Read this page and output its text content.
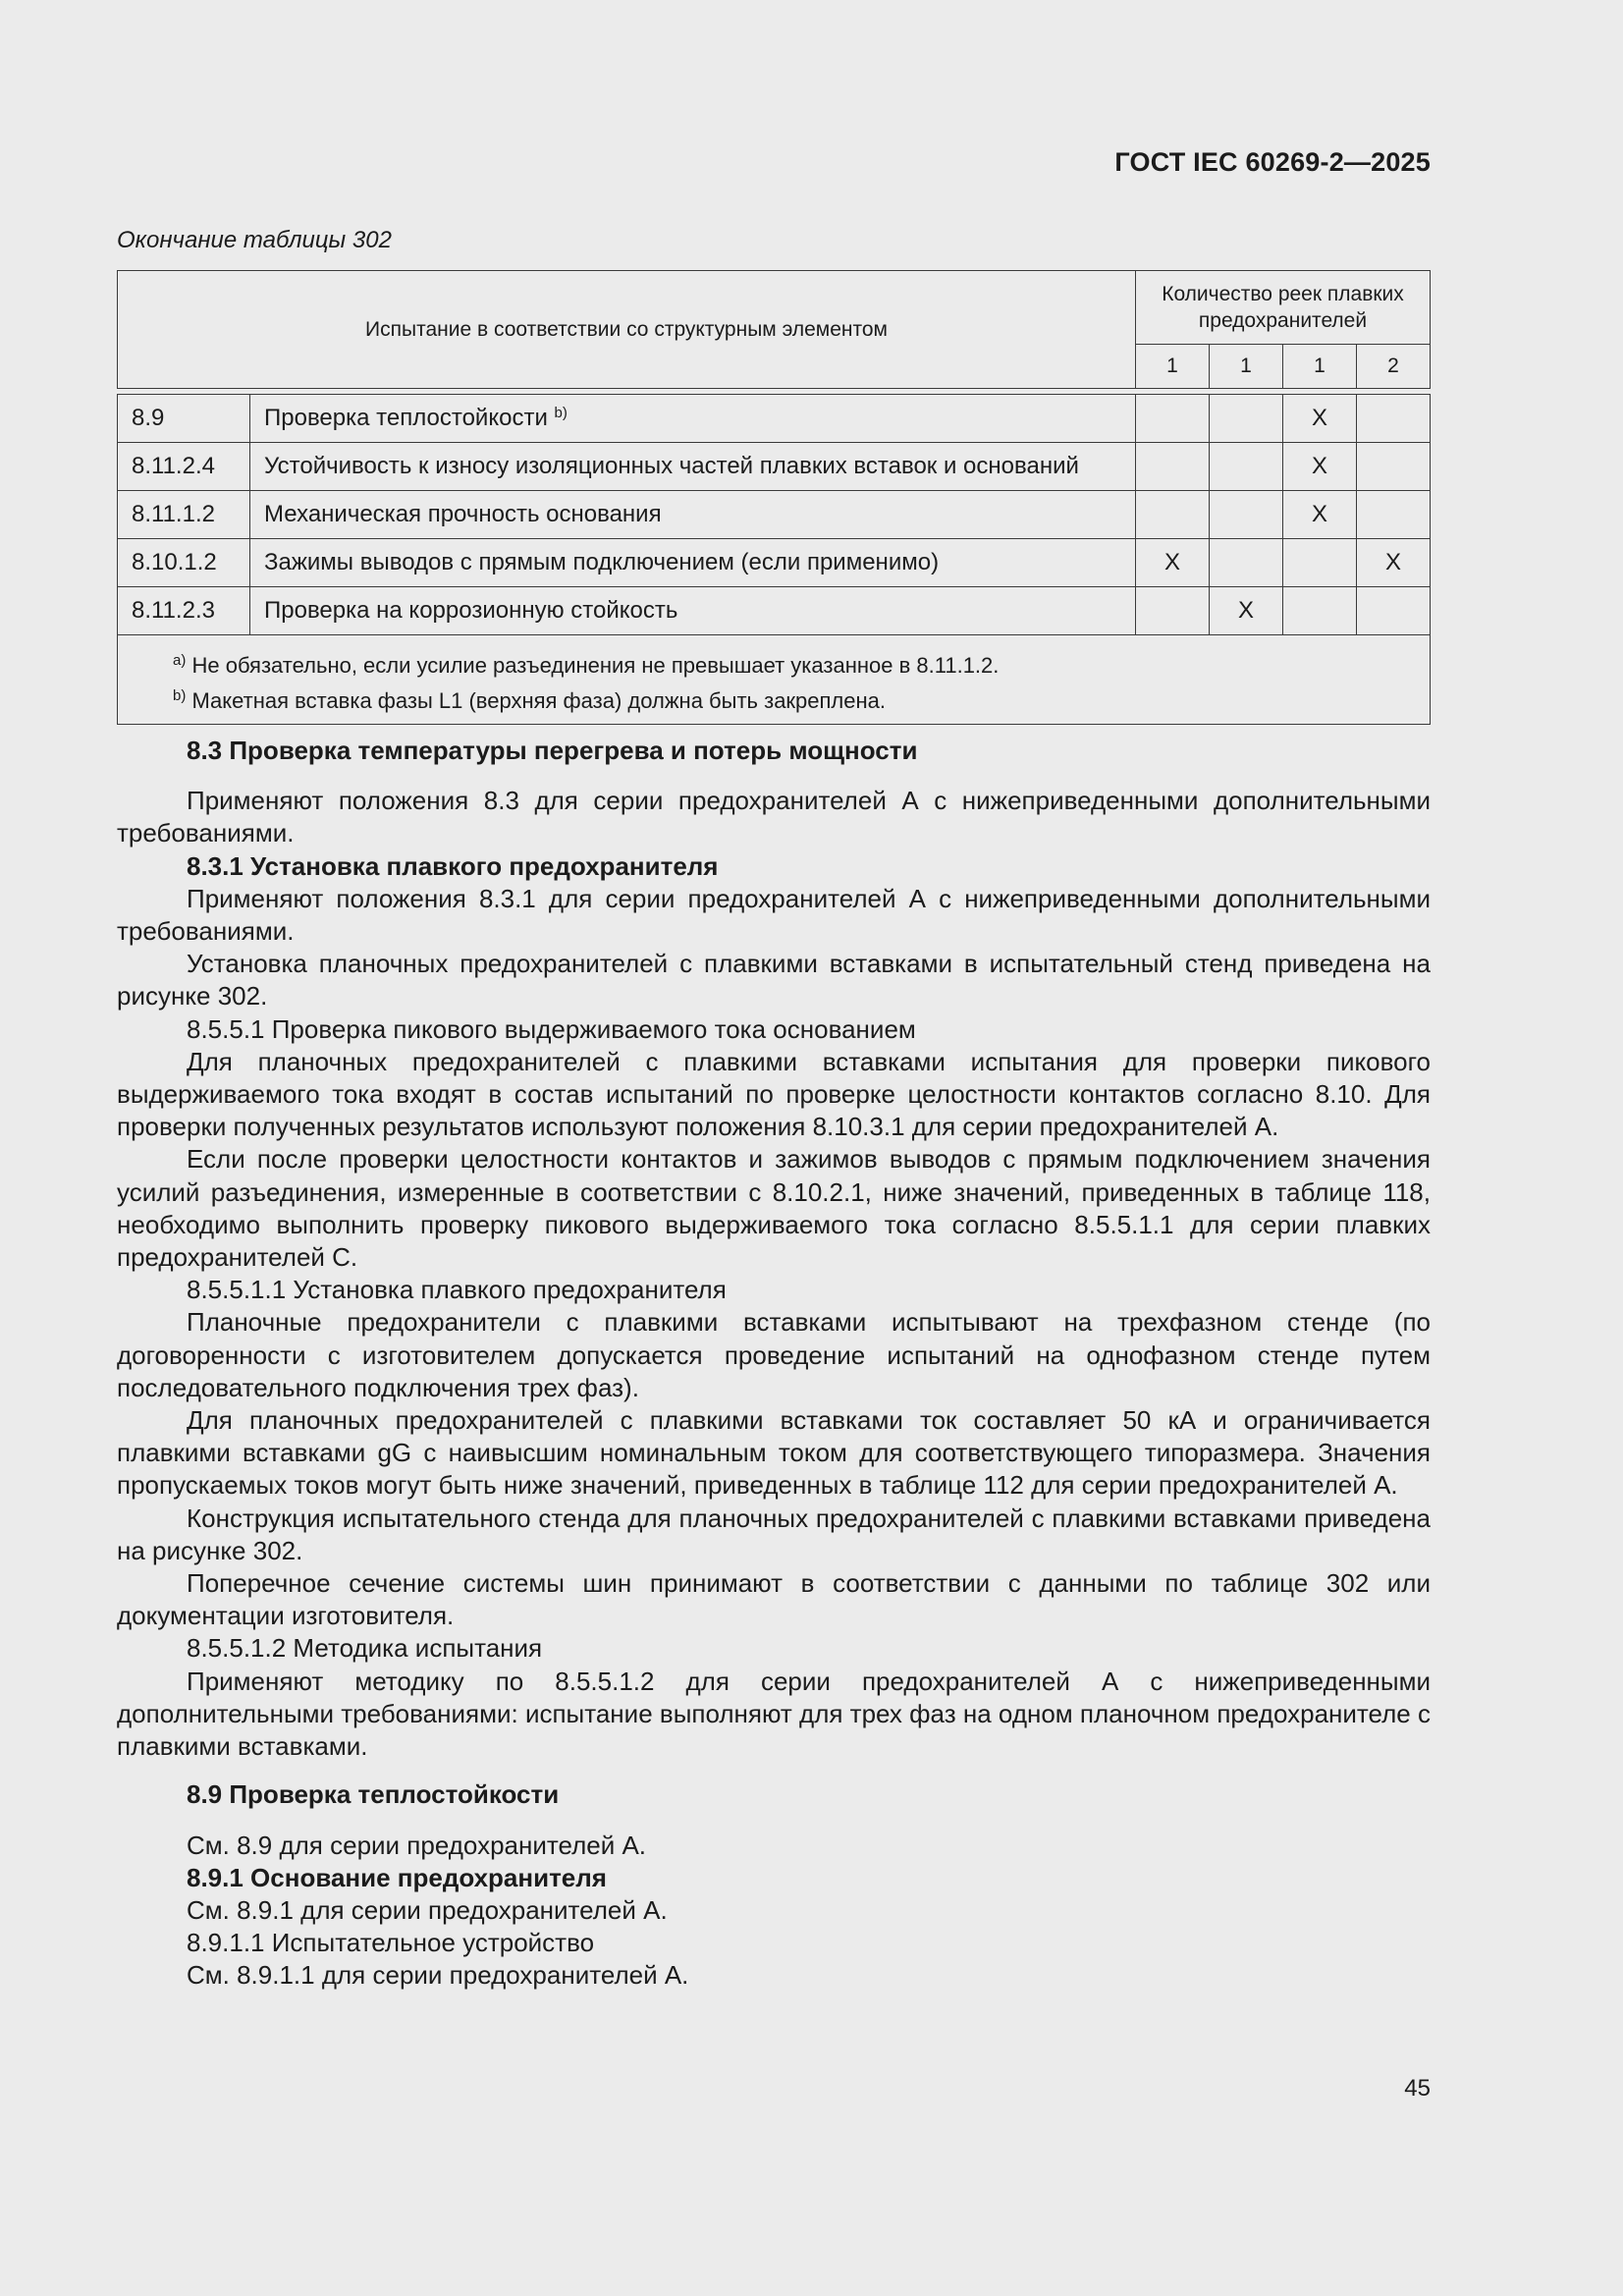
ГОСТ IEC 60269-2—2025
Окончание таблицы 302
Испытание в соответствии со структурным элементом		Количество реек плавких предохранителей			
		1	1	1	2

8.9	Проверка теплостойкости $^{b)}$			X	
8.11.2.4	Устойчивость к износу изоляционных частей плавких вставок и оснований			X	
8.11.1.2	Механическая прочность основания			X	
8.10.1.2	Зажимы выводов с прямым подключением (если применимо)	X			X
8.11.2.3	Проверка на коррозионную стойкость		X		

$^{a)}$ Не обязательно, если усилие разъединения не превышает указанное в 8.11.1.2.
$^{b)}$ Макетная вставка фазы L1 (верхняя фаза) должна быть закреплена.					

8.3 Проверка температуры перегрева и потерь мощности

Применяют положения 8.3 для серии предохранителей А с нижеприведенными дополнительными требованиями.

8.3.1 Установка плавкого предохранителя

Применяют положения 8.3.1 для серии предохранителей А с нижеприведенными дополнительными требованиями.

Установка планочных предохранителей с плавкими вставками в испытательный стенд приведена на рисунке 302.

8.5.5.1 Проверка пикового выдерживаемого тока основанием

Для планочных предохранителей с плавкими вставками испытания для проверки пикового выдерживаемого тока входят в состав испытаний по проверке целостности контактов согласно 8.10. Для проверки полученных результатов используют положения 8.10.3.1 для серии предохранителей А.

Если после проверки целостности контактов и зажимов выводов с прямым подключением значения усилий разъединения, измеренные в соответствии с 8.10.2.1, ниже значений, приведенных в таблице 118, необходимо выполнить проверку пикового выдерживаемого тока согласно 8.5.5.1.1 для серии плавких предохранителей С.

8.5.5.1.1 Установка плавкого предохранителя

Планочные предохранители с плавкими вставками испытывают на трехфазном стенде (по договоренности с изготовителем допускается проведение испытаний на однофазном стенде путем последовательного подключения трех фаз).

Для планочных предохранителей с плавкими вставками ток составляет 50 кА и ограничивается плавкими вставками gG с наивысшим номинальным током для соответствующего типоразмера. Значения пропускаемых токов могут быть ниже значений, приведенных в таблице 112 для серии предохранителей А.

Конструкция испытательного стенда для планочных предохранителей с плавкими вставками приведена на рисунке 302.

Поперечное сечение системы шин принимают в соответствии с данными по таблице 302 или документации изготовителя.

8.5.5.1.2 Методика испытания

Применяют методику по 8.5.5.1.2 для серии предохранителей А с нижеприведенными дополнительными требованиями: испытание выполняют для трех фаз на одном планочном предохранителе с плавкими вставками.

8.9 Проверка теплостойкости

См. 8.9 для серии предохранителей А.

8.9.1 Основание предохранителя

См. 8.9.1 для серии предохранителей А.

8.9.1.1 Испытательное устройство

См. 8.9.1.1 для серии предохранителей А.

45
